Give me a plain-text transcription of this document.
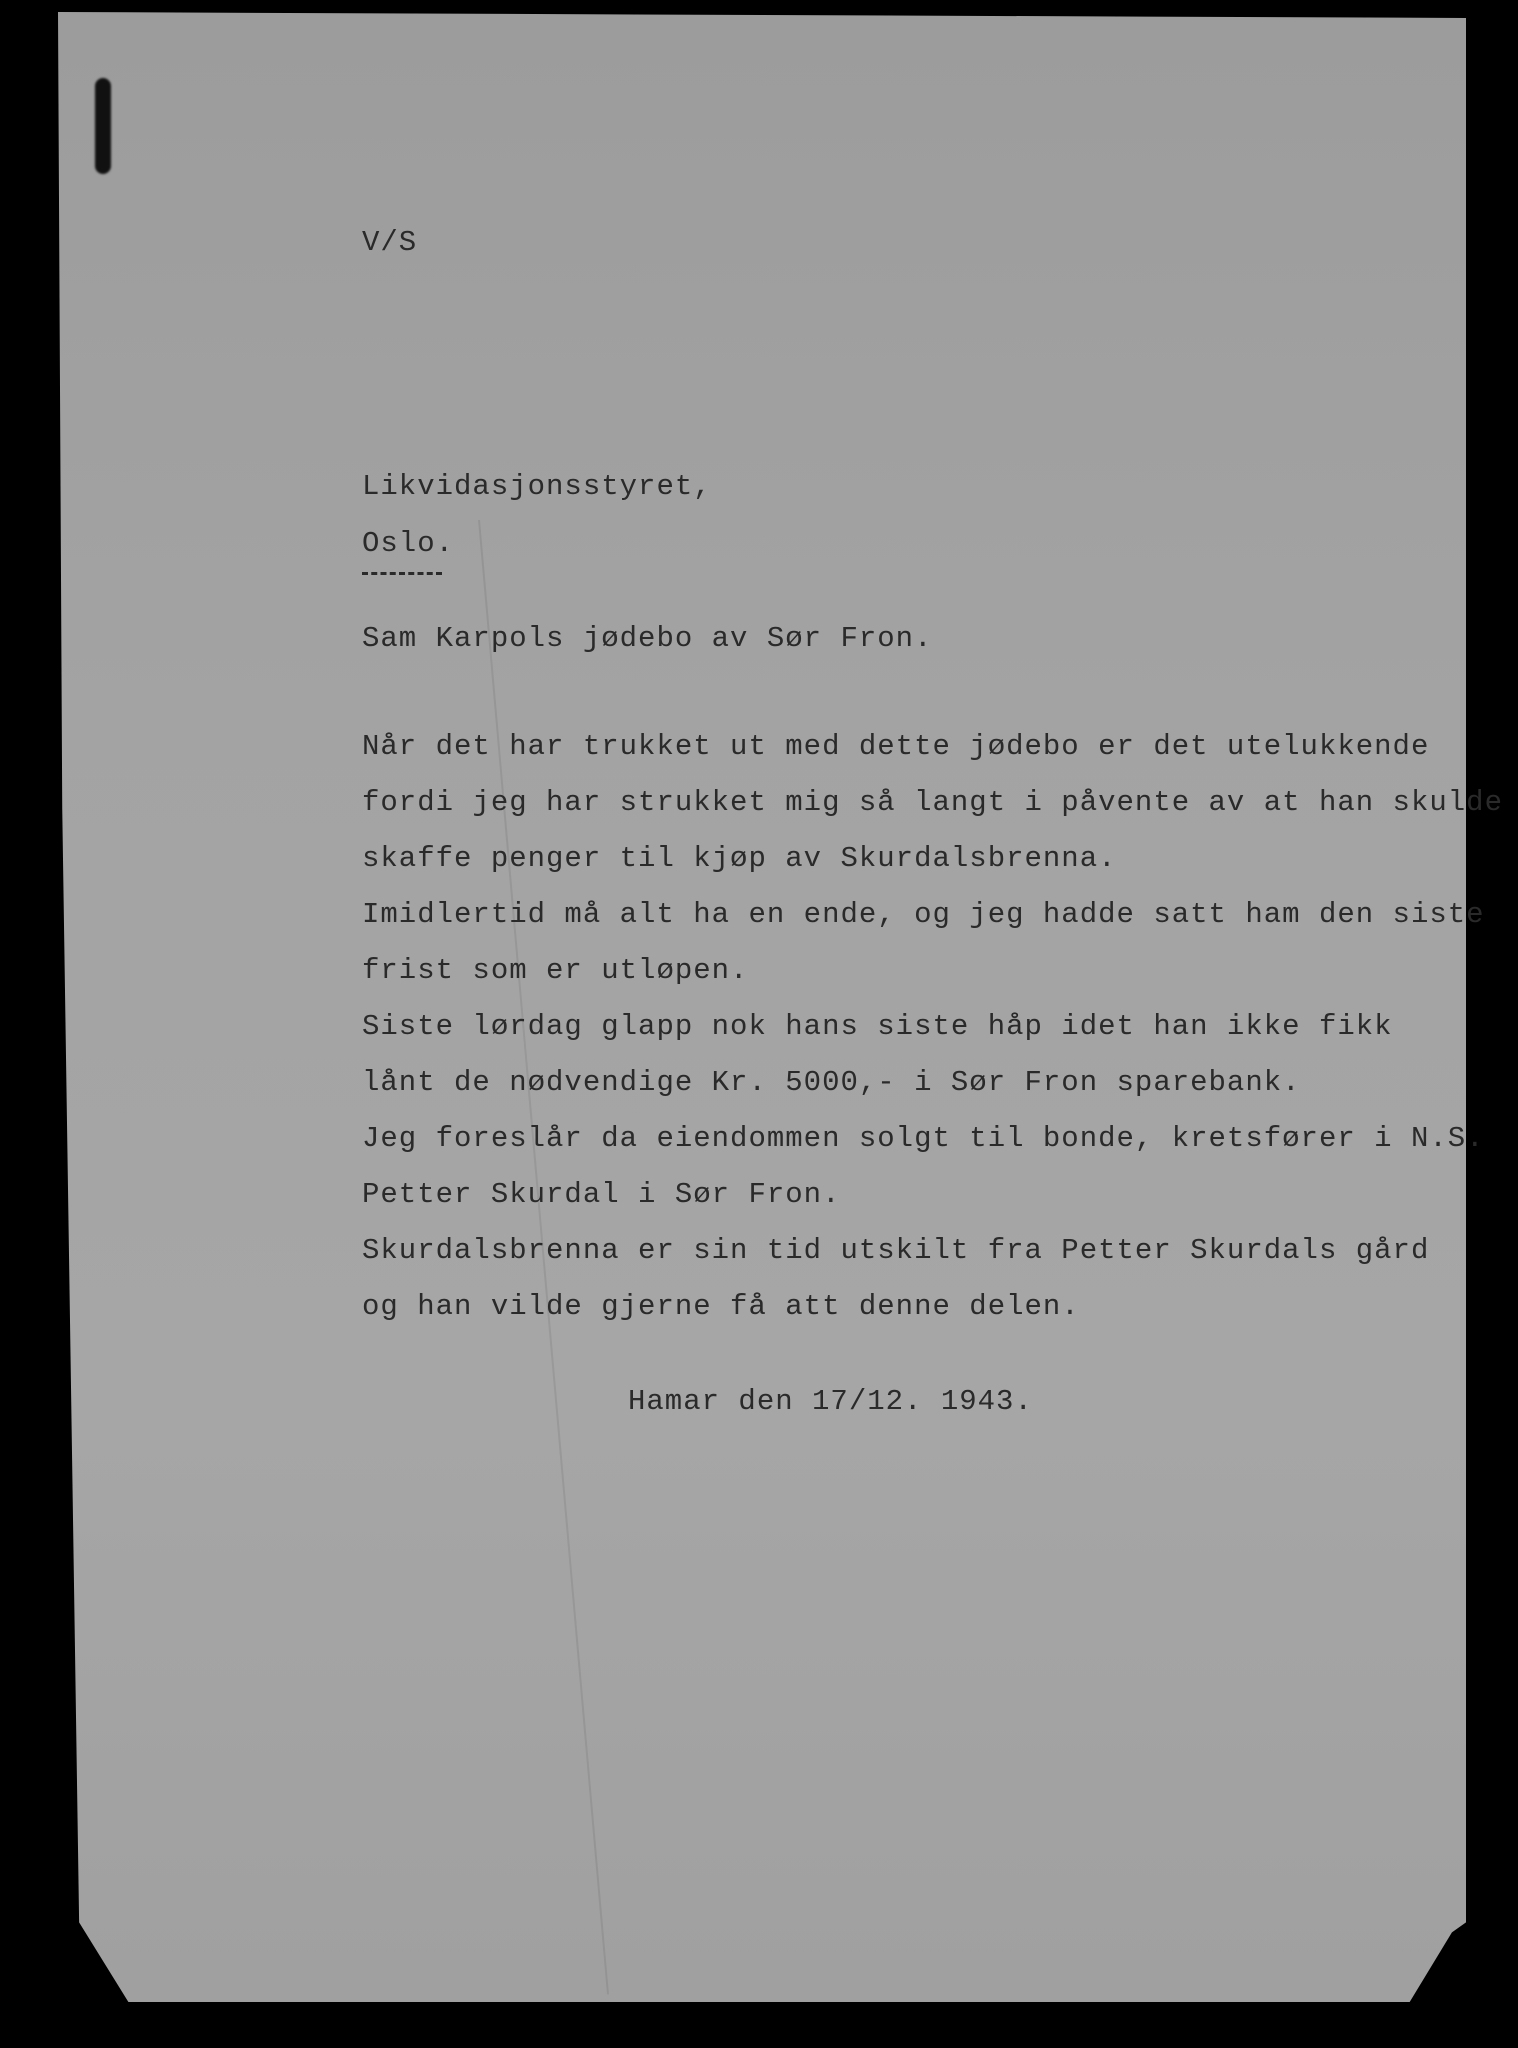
V/S
Likvidasjonsstyret,
Oslo.
Sam Karpols jødebo av Sør Fron.
Når det har trukket ut med dette jødebo er det utelukkende
fordi jeg har strukket mig så langt i påvente av at han skulde
skaffe penger til kjøp av Skurdalsbrenna.
Imidlertid må alt ha en ende, og jeg hadde satt ham den siste
frist som er utløpen.
Siste lørdag glapp nok hans siste håp idet han ikke fikk
lånt de nødvendige Kr. 5000,- i Sør Fron sparebank.
Jeg foreslår da eiendommen solgt til bonde, kretsfører i N.S.
Petter Skurdal i Sør Fron.
Skurdalsbrenna er sin tid utskilt fra Petter Skurdals gård
og han vilde gjerne få att denne delen.
Hamar den 17/12. 1943.
